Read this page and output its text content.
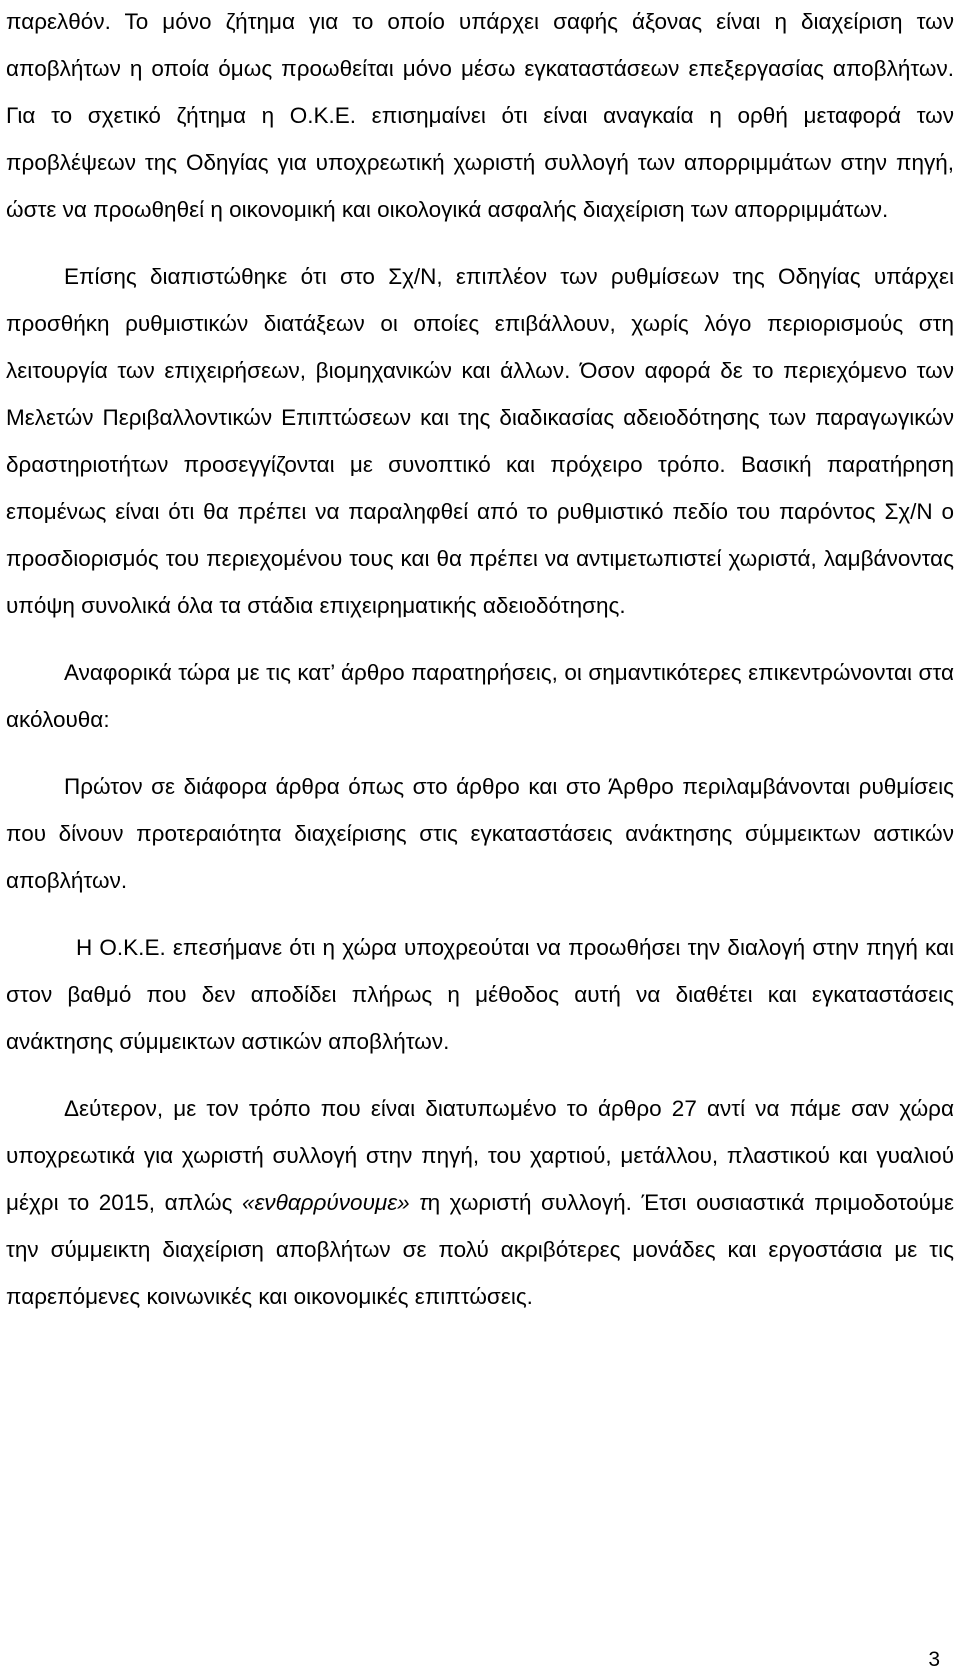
παρελθόν. Το μόνο ζήτημα για το οποίο υπάρχει σαφής άξονας είναι η διαχείριση των αποβλήτων η οποία όμως προωθείται μόνο μέσω εγκαταστάσεων επεξεργασίας αποβλήτων. Για το σχετικό ζήτημα η Ο.Κ.Ε. επισημαίνει ότι είναι αναγκαία η ορθή μεταφορά των προβλέψεων της Οδηγίας για υποχρεωτική χωριστή συλλογή των απορριμμάτων στην πηγή, ώστε να προωθηθεί η οικονομική και οικολογικά ασφαλής διαχείριση των απορριμμάτων.

Επίσης διαπιστώθηκε ότι στο Σχ/Ν, επιπλέον των ρυθμίσεων της Οδηγίας υπάρχει προσθήκη ρυθμιστικών διατάξεων οι οποίες επιβάλλουν, χωρίς λόγο περιορισμούς στη λειτουργία των επιχειρήσεων, βιομηχανικών και άλλων. Όσον αφορά δε το περιεχόμενο των Μελετών Περιβαλλοντικών Επιπτώσεων και της διαδικασίας αδειοδότησης των παραγωγικών δραστηριοτήτων προσεγγίζονται με συνοπτικό και πρόχειρο τρόπο. Βασική παρατήρηση επομένως είναι ότι θα πρέπει να παραληφθεί από το ρυθμιστικό πεδίο του παρόντος Σχ/Ν ο προσδιορισμός του περιεχομένου τους και θα πρέπει να αντιμετωπιστεί χωριστά, λαμβάνοντας υπόψη συνολικά όλα τα στάδια επιχειρηματικής αδειοδότησης.

Αναφορικά τώρα με τις κατ’ άρθρο παρατηρήσεις, οι σημαντικότερες επικεντρώνονται στα ακόλουθα:

Πρώτον σε διάφορα άρθρα όπως στο άρθρο και στο Άρθρο περιλαμβάνονται ρυθμίσεις που δίνουν προτεραιότητα διαχείρισης στις εγκαταστάσεις ανάκτησης σύμμεικτων αστικών αποβλήτων.

Η Ο.Κ.Ε. επεσήμανε ότι η χώρα υποχρεούται να προωθήσει την διαλογή στην πηγή και στον βαθμό που δεν αποδίδει πλήρως η μέθοδος αυτή να διαθέτει και εγκαταστάσεις ανάκτησης σύμμεικτων αστικών αποβλήτων.

Δεύτερον, με τον τρόπο που είναι διατυπωμένο το άρθρο 27 αντί να πάμε σαν χώρα υποχρεωτικά για χωριστή συλλογή στην πηγή, του χαρτιού, μετάλλου, πλαστικού και γυαλιού μέχρι το 2015, απλώς «ενθαρρύνουμε» τη χωριστή συλλογή. Έτσι ουσιαστικά πριμοδοτούμε την σύμμεικτη διαχείριση αποβλήτων σε πολύ ακριβότερες μονάδες και εργοστάσια με τις παρεπόμενες κοινωνικές και οικονομικές επιπτώσεις.

3
